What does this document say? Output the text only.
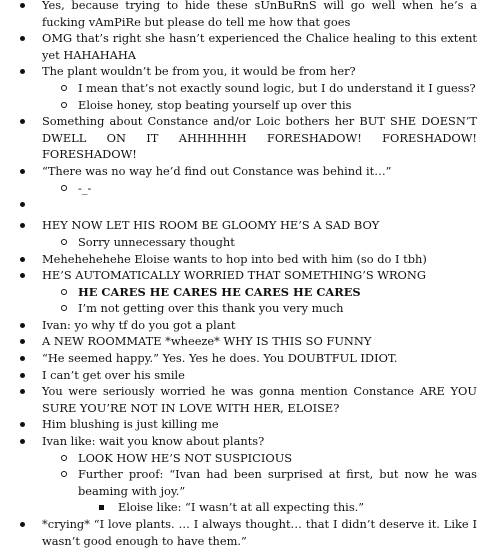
Yes, because trying to hide these sUnBuRnS will go well when he’s a fucking vAmPiRe but please do tell me how that goes
OMG that’s right she hasn’t experienced the Chalice healing to this extent yet HAHAHAHA
The plant wouldn’t be from you, it would be from her?
I mean that’s not exactly sound logic, but I do understand it I guess?
Eloise honey, stop beating yourself up over this
Something about Constance and/or Loic bothers her BUT SHE DOESN’T DWELL ON IT AHHHHHH FORESHADOW! FORESHADOW! FORESHADOW!
“There was no way he’d find out Constance was behind it…”
-_-
HEY NOW LET HIS ROOM BE GLOOMY HE’S A SAD BOY
Sorry unnecessary thought
Mehehehehehe Eloise wants to hop into bed with him (so do I tbh)
HE’S AUTOMATICALLY WORRIED THAT SOMETHING’S WRONG
HE CARES HE CARES HE CARES HE CARES
I’m not getting over this thank you very much
Ivan: yo why tf do you got a plant
A NEW ROOMMATE *wheeze* WHY IS THIS SO FUNNY
“He seemed happy.” Yes. Yes he does. You DOUBTFUL IDIOT.
I can’t get over his smile
You were seriously worried he was gonna mention Constance ARE YOU SURE YOU’RE NOT IN LOVE WITH HER, ELOISE?
Him blushing is just killing me
Ivan like: wait you know about plants?
LOOK HOW HE’S NOT SUSPICIOUS
Further proof: “Ivan had been surprised at first, but now he was beaming with joy.”
Eloise like: “I wasn’t at all expecting this.”
*crying* “I love plants. … I always thought… that I didn’t deserve it. Like I wasn’t good enough to have them.”
